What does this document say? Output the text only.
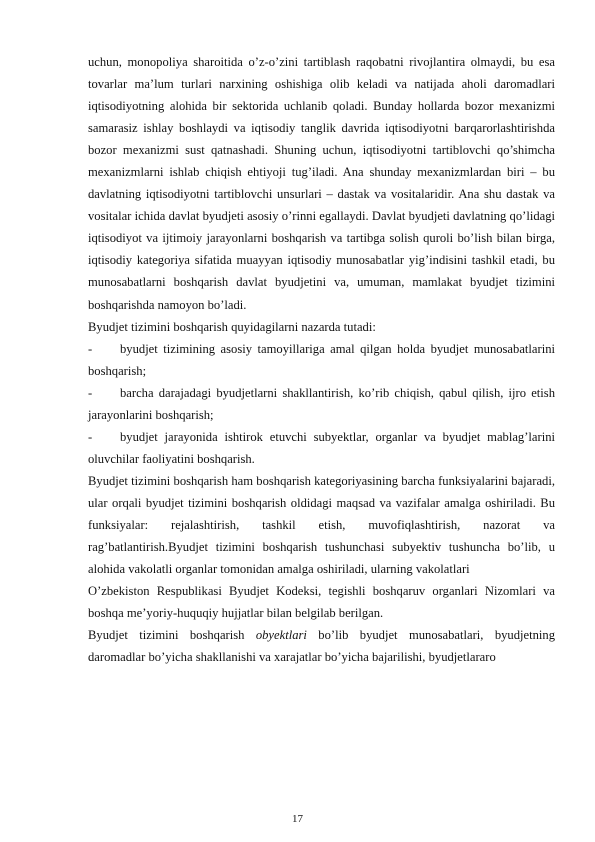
uchun, monopoliya sharoitida o’z-o’zini tartiblash raqobatni rivojlantira olmaydi, bu esa tovarlar ma’lum turlari narxining oshishiga olib keladi va natijada aholi daromadlari iqtisodiyotning alohida bir sektorida uchlanib qoladi. Bunday hollarda bozor mexanizmi samarasiz ishlay boshlaydi va iqtisodiy tanglik davrida iqtisodiyotni barqarorlashtirishda bozor mexanizmi sust qatnashadi. Shuning uchun, iqtisodiyotni tartiblovchi qo’shimcha mexanizmlarni ishlab chiqish ehtiyoji tug’iladi. Ana shunday mexanizmlardan biri – bu davlatning iqtisodiyotni tartiblovchi unsurlari – dastak va vositalaridir. Ana shu dastak va vositalar ichida davlat byudjeti asosiy o’rinni egallaydi. Davlat byudjeti davlatning qo’lidagi iqtisodiyot va ijtimoiy jarayonlarni boshqarish va tartibga solish quroli bo’lish bilan birga, iqtisodiy kategoriya sifatida muayyan iqtisodiy munosabatlar yig’indisini tashkil etadi, bu munosabatlarni boshqarish davlat byudjetini va, umuman, mamlakat byudjet tizimini boshqarishda namoyon bo’ladi.

Byudjet tizimini boshqarish quyidagilarni nazarda tutadi:

- byudjet tizimining asosiy tamoyillariga amal qilgan holda byudjet munosabatlarini boshqarish;

- barcha darajadagi byudjetlarni shakllantirish, ko’rib chiqish, qabul qilish, ijro etish jarayonlarini boshqarish;

- byudjet jarayonida ishtirok etuvchi subyektlar, organlar va byudjet mablag’larini oluvchilar faoliyatini boshqarish.

Byudjet tizimini boshqarish ham boshqarish kategoriyasining barcha funksiyalarini bajaradi, ular orqali byudjet tizimini boshqarish oldidagi maqsad va vazifalar amalga oshiriladi. Bu funksiyalar: rejalashtirish, tashkil etish, muvofiqlashtirish, nazorat va rag’batlantirish.Byudjet tizimini boshqarish tushunchasi subyektiv tushuncha bo’lib, u alohida vakolatli organlar tomonidan amalga oshiriladi, ularning vakolatlari

O’zbekiston Respublikasi Byudjet Kodeksi, tegishli boshqaruv organlari Nizomlari va boshqa me’yoriy-huquqiy hujjatlar bilan belgilab berilgan.

Byudjet tizimini boshqarish obyektlari bo’lib byudjet munosabatlari, byudjetning daromadlar bo’yicha shakllanishi va xarajatlar bo’yicha bajarilishi, byudjetlararo

17
